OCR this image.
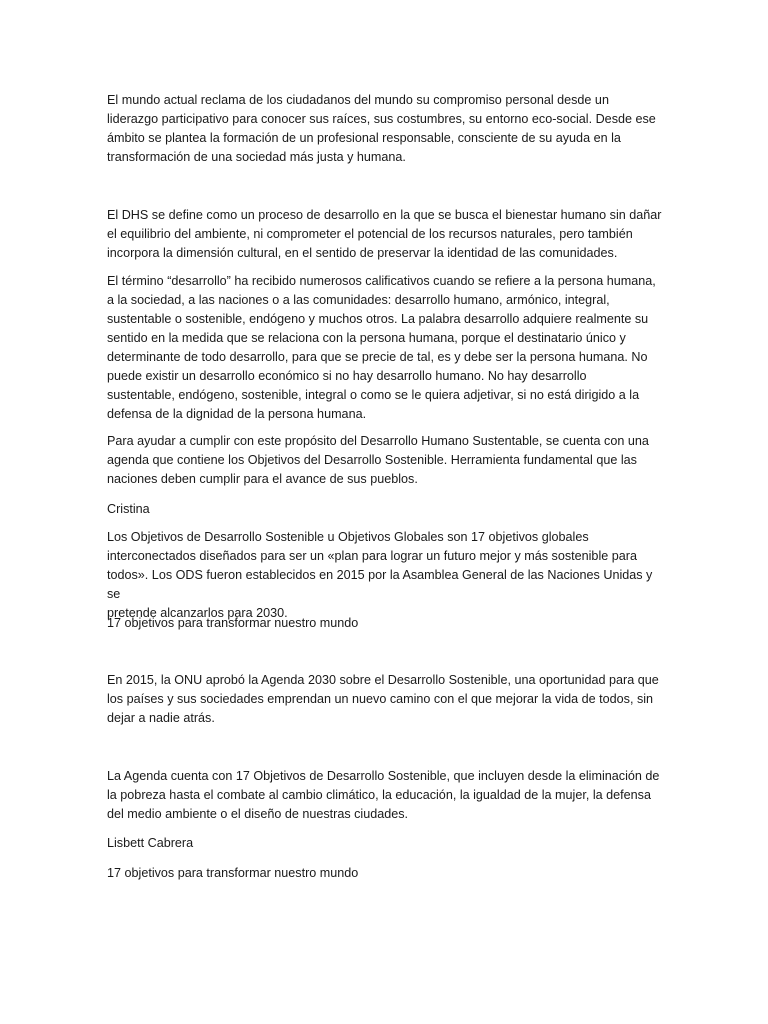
El mundo actual reclama de los ciudadanos del mundo su compromiso personal desde un
liderazgo participativo para conocer sus raíces, sus costumbres, su entorno eco-social. Desde ese
ámbito se plantea la formación de un profesional responsable, consciente de su ayuda en la
transformación de una sociedad más justa y humana.

El DHS se define como un proceso de desarrollo en la que se busca el bienestar humano sin dañar
el equilibrio del ambiente, ni comprometer el potencial de los recursos naturales, pero también
incorpora la dimensión cultural, en el sentido de preservar la identidad de las comunidades.

El término “desarrollo” ha recibido numerosos calificativos cuando se refiere a la persona humana,
a la sociedad, a las naciones o a las comunidades: desarrollo humano, armónico, integral,
sustentable o sostenible, endógeno y muchos otros. La palabra desarrollo adquiere realmente su
sentido en la medida que se relaciona con la persona humana, porque el destinatario único y
determinante de todo desarrollo, para que se precie de tal, es y debe ser la persona humana. No
puede existir un desarrollo económico si no hay desarrollo humano. No hay desarrollo
sustentable, endógeno, sostenible, integral o como se le quiera adjetivar, si no está dirigido a la
defensa de la dignidad de la persona humana.

Para ayudar a cumplir con este propósito del Desarrollo Humano Sustentable, se cuenta con una
agenda que contiene los Objetivos del Desarrollo Sostenible. Herramienta fundamental que las
naciones deben cumplir para el avance de sus pueblos.

Cristina

Los Objetivos de Desarrollo Sostenible u Objetivos Globales son 17 objetivos globales
interconectados diseñados para ser un «plan para lograr un futuro mejor y más sostenible para
todos». Los ODS fueron establecidos en 2015 por la Asamblea General de las Naciones Unidas y se
pretende alcanzarlos para 2030.

17 objetivos para transformar nuestro mundo

En 2015, la ONU aprobó la Agenda 2030 sobre el Desarrollo Sostenible, una oportunidad para que
los países y sus sociedades emprendan un nuevo camino con el que mejorar la vida de todos, sin
dejar a nadie atrás.

La Agenda cuenta con 17 Objetivos de Desarrollo Sostenible, que incluyen desde la eliminación de
la pobreza hasta el combate al cambio climático, la educación, la igualdad de la mujer, la defensa
del medio ambiente o el diseño de nuestras ciudades.

Lisbett Cabrera

17 objetivos para transformar nuestro mundo
